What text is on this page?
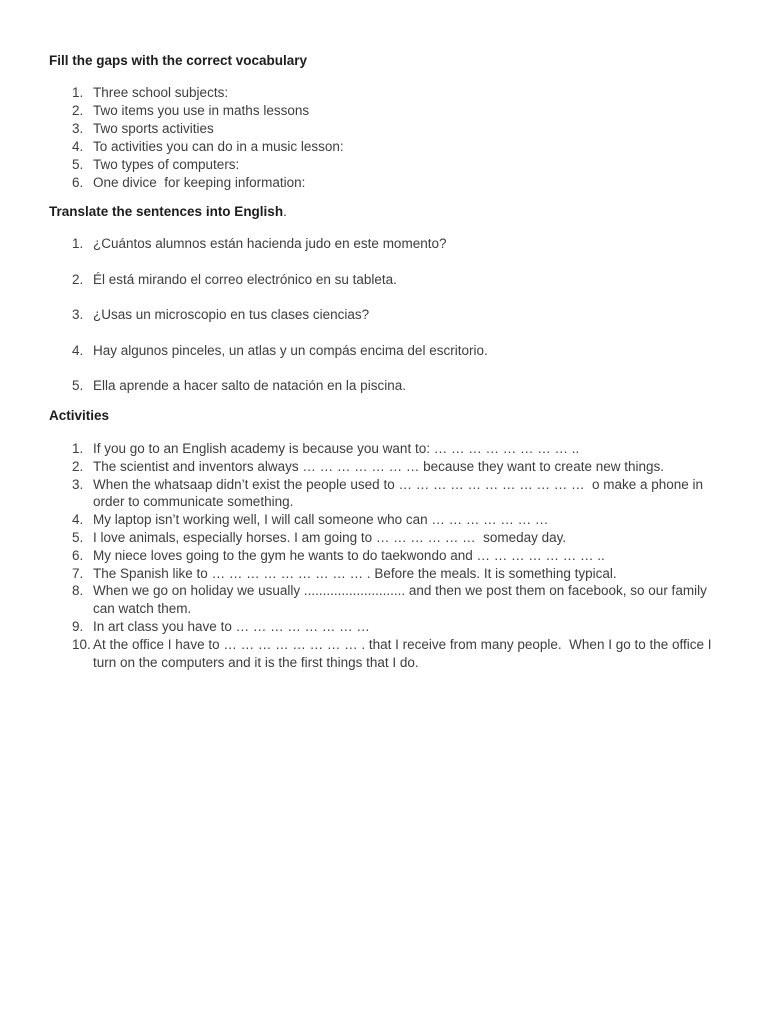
Fill the gaps with the correct vocabulary
1. Three school subjects:
2. Two items you use in maths lessons
3. Two sports activities
4. To activities you can do in a music lesson:
5. Two types of computers:
6. One divice  for keeping information:
Translate the sentences into English.
1. ¿Cuántos alumnos están hacienda judo en este momento?
2. Él está mirando el correo electrónico en su tableta.
3. ¿Usas un microscopio en tus clases ciencias?
4. Hay algunos pinceles, un atlas y un compás encima del escritorio.
5. Ella aprende a hacer salto de natación en la piscina.
Activities
1. If you go to an English academy is because you want to: … … … … … … … … ..
2. The scientist and inventors always … … … … … … … because they want to create new things.
3. When the whatsaap didn’t exist the people used to … … … … … … … … … … …  o make a phone in order to communicate something.
4. My laptop isn’t working well, I will call someone who can … … … … … … …
5. I love animals, especially horses. I am going to … … … … … …  someday day.
6. My niece loves going to the gym he wants to do taekwondo and … … … … … … … ..
7. The Spanish like to … … … … … … … … … . Before the meals. It is something typical.
8. When we go on holiday we usually ........................... and then we post them on facebook, so our family can watch them.
9. In art class you have to … … … … … … … …
10. At the office I have to … … … … … … … … . that I receive from many people.  When I go to the office I turn on the computers and it is the first things that I do.
